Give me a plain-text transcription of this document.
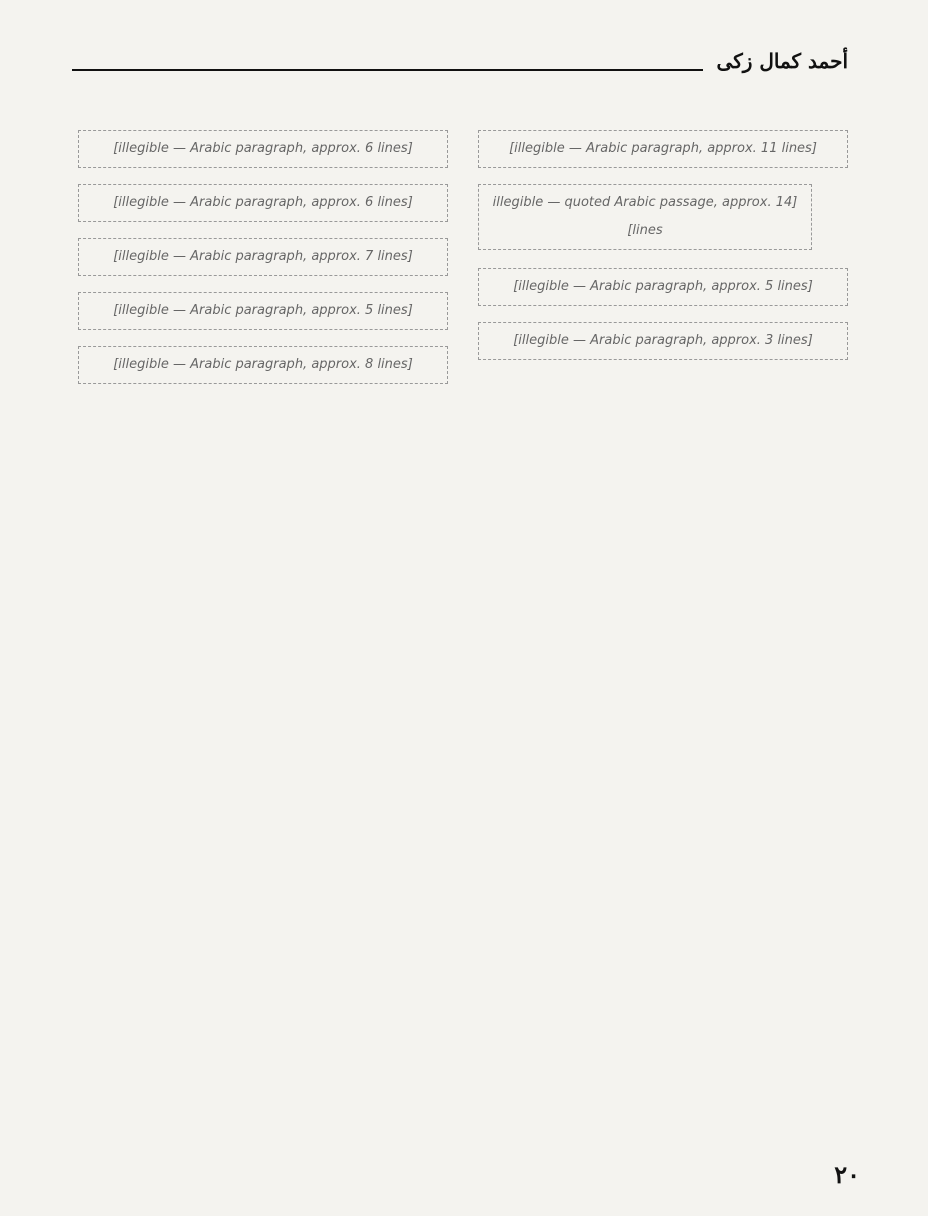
أحمد كمال زكى

[illegible — Arabic paragraph, approx. 11 lines]

[illegible — quoted Arabic passage, approx. 14 lines]

[illegible — Arabic paragraph, approx. 5 lines]

[illegible — Arabic paragraph, approx. 3 lines]

[illegible — Arabic paragraph, approx. 6 lines]

[illegible — Arabic paragraph, approx. 6 lines]

[illegible — Arabic paragraph, approx. 7 lines]

[illegible — Arabic paragraph, approx. 5 lines]

[illegible — Arabic paragraph, approx. 8 lines]

٢٠
